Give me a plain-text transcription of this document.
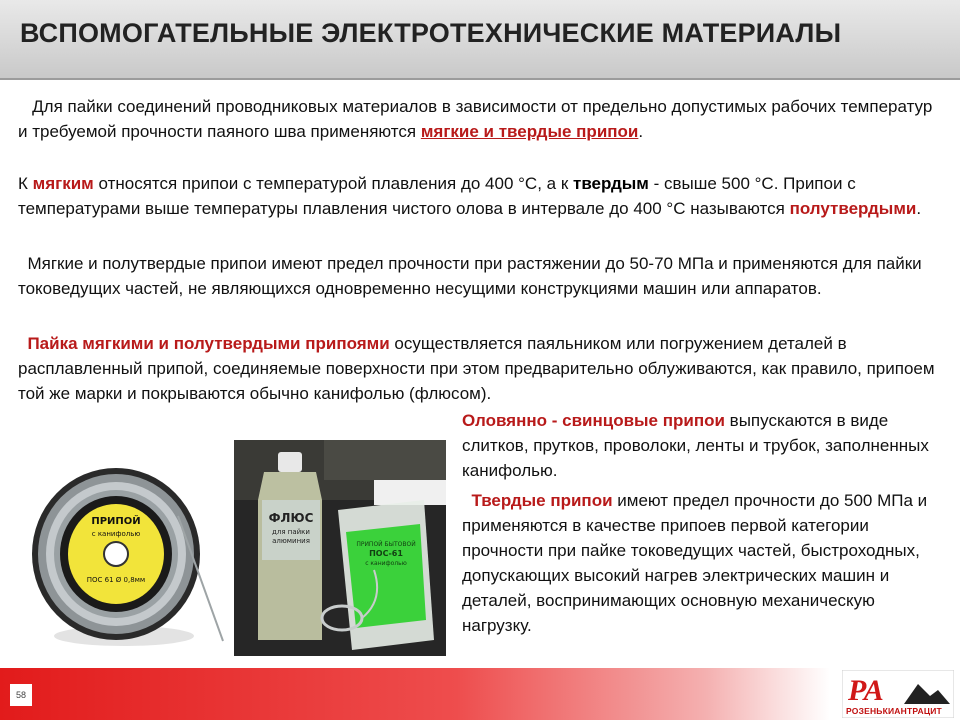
ВСПОМОГАТЕЛЬНЫЕ ЭЛЕКТРОТЕХНИЧЕСКИЕ МАТЕРИАЛЫ
Для пайки соединений проводниковых материалов в зависимости от предельно допустимых рабочих температур и требуемой прочности паяного шва применяются мягкие и твердые припои.
К мягким относятся припои с температурой плавления до 400 °С, а к твердым - свыше 500 °С. Припои с температурами выше температуры плавления чистого олова в интервале до 400 °С называются полутвердыми.
Мягкие и полутвердые припои имеют предел прочности при растяжении до 50-70 МПа и применяются для пайки токоведущих частей, не являющихся одновременно несущими конструкциями машин или аппаратов.
Пайка мягкими и полутвердыми припоями осуществляется паяльником или погружением деталей в расплавленный припой, соединяемые поверхности при этом предварительно облуживаются, как правило, припоем той же марки и покрываются обычно канифолью (флюсом).
Оловянно - свинцовые припои выпускаются в виде слитков, прутков, проволоки, ленты и трубок, заполненных канифолью.
Твердые припои имеют предел прочности до 500 МПа и применяются в качестве припоев первой категории прочности при пайке токоведущих частей, быстроходных, допускающих высокий нагрев электрических машин и деталей, воспринимающих основную механическую нагрузку.
ПРИПОЙ
с канифолью
ПОС 61 Ø 0,8мм
ФЛЮС
для пайки
алюминия	ПРИПОЙ БЫТОВОЙ
ПОС-61
с канифолью
58	РА
РОЗЕНЬКИАНТРАЦИТ
